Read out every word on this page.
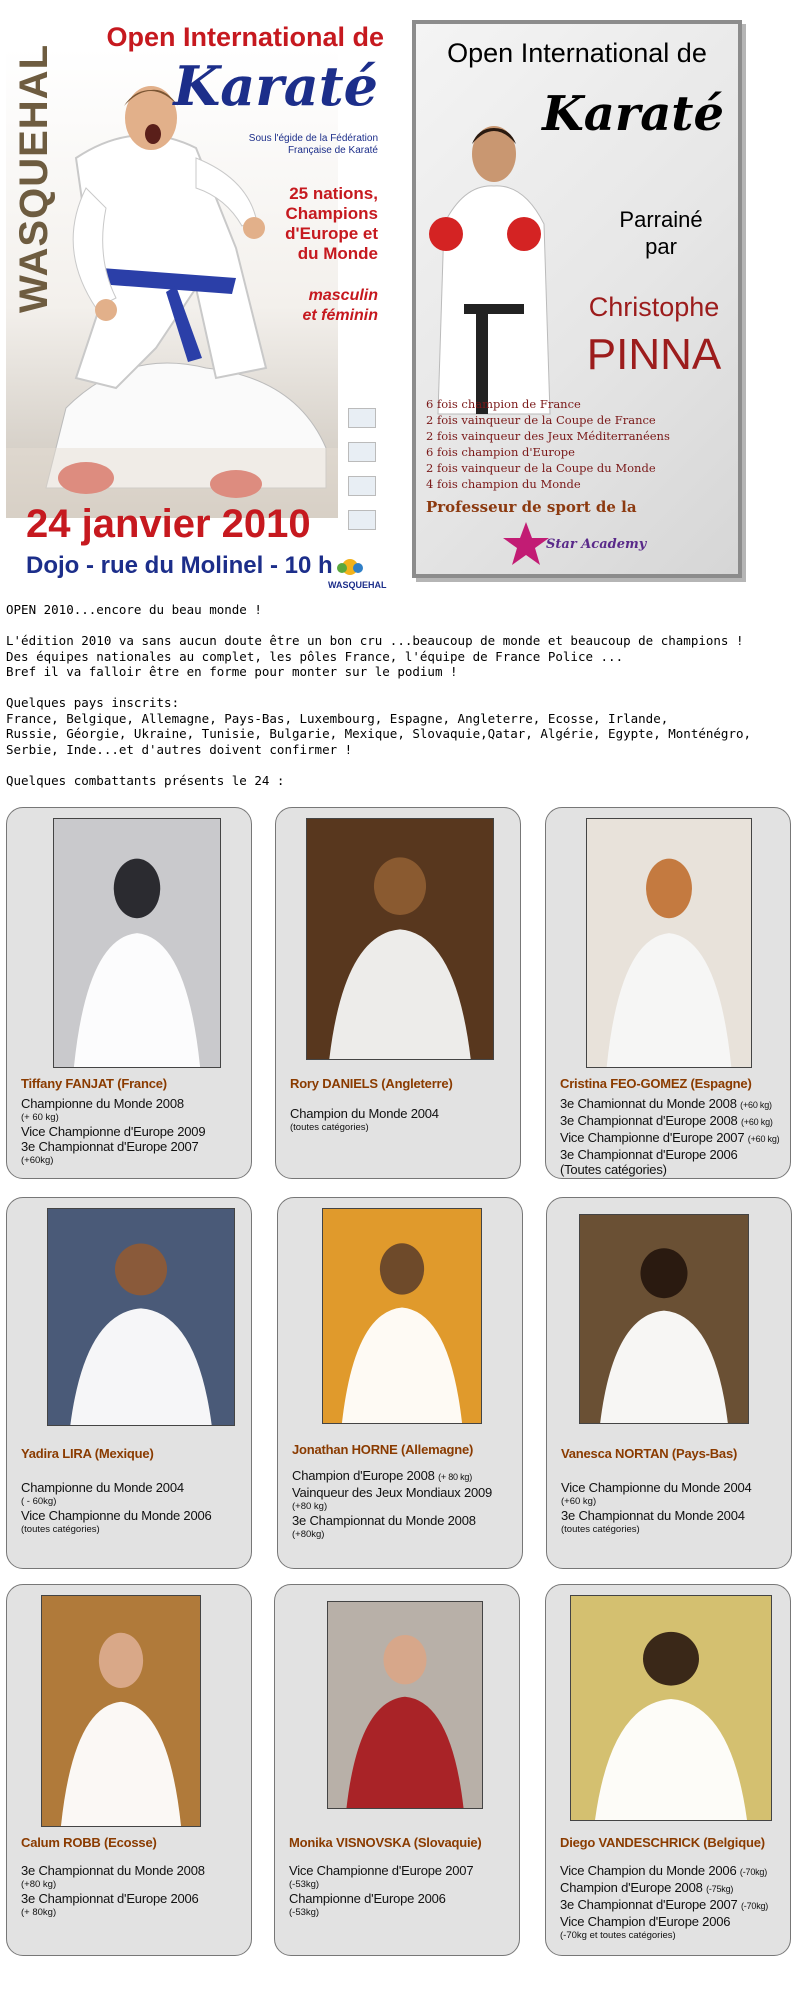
WASQUEHAL
Open International de
Karaté
Sous l'égide de la Fédération Française de Karaté
25 nations,
Champions
d'Europe et
du Monde
masculin
et féminin
24 janvier 2010
Dojo - rue du Molinel - 10 h
WASQUEHAL
Open International de
Karaté
Parrainé
par
Christophe
PINNA
6 fois champion de France
2 fois vainqueur de la Coupe de France
2 fois vainqueur des Jeux Méditerranéens
6 fois champion d'Europe
2 fois vainqueur de la Coupe du Monde
4 fois champion du Monde
Professeur de sport de la
Star Academy

OPEN 2010...encore du beau monde !

L'édition 2010 va sans aucun doute être un bon cru ...beaucoup de monde et beaucoup de champions !

Des équipes nationales au complet, les pôles France, l'équipe de France Police ...

Bref il va falloir être en forme pour monter sur le podium !

Quelques pays inscrits:

France, Belgique, Allemagne, Pays-Bas, Luxembourg, Espagne, Angleterre, Ecosse, Irlande,

Russie, Géorgie, Ukraine, Tunisie, Bulgarie, Mexique, Slovaquie,Qatar, Algérie, Egypte, Monténégro,

Serbie, Inde...et d'autres doivent confirmer !

Quelques combattants présents le 24 :

Tiffany FANJAT (France)
Championne du Monde 2008
(+ 60 kg)
Vice Championne d'Europe 2009
3e Championnat d'Europe 2007
(+60kg)
Rory DANIELS (Angleterre)
Champion du Monde 2004
(toutes catégories)
Cristina FEO-GOMEZ (Espagne)
3e Chamionnat du Monde 2008 (+60 kg)
3e Championnat d'Europe 2008 (+60 kg)
Vice Championne d'Europe 2007 (+60 kg)
3e Championnat d'Europe 2006
(Toutes catégories)
Yadira LIRA (Mexique)
Championne du Monde 2004
( - 60kg)
Vice Championne du Monde 2006
(toutes catégories)
Jonathan HORNE (Allemagne)
Champion d'Europe 2008 (+ 80 kg)
Vainqueur des Jeux Mondiaux 2009
(+80 kg)
3e Championnat du Monde 2008
(+80kg)
Vanesca NORTAN (Pays-Bas)
Vice Championne du Monde 2004
(+60 kg)
3e Championnat du Monde 2004
(toutes catégories)
Calum ROBB (Ecosse)
3e Championnat du Monde 2008
(+80 kg)
3e Championnat d'Europe 2006
(+ 80kg)
Monika VISNOVSKA (Slovaquie)
Vice Championne d'Europe 2007
(-53kg)
Championne d'Europe 2006
(-53kg)
Diego VANDESCHRICK (Belgique)
Vice Champion du Monde 2006 (-70kg)
Champion d'Europe 2008 (-75kg)
3e Championnat d'Europe 2007 (-70kg)
Vice Champion d'Europe 2006
(-70kg et toutes catégories)
